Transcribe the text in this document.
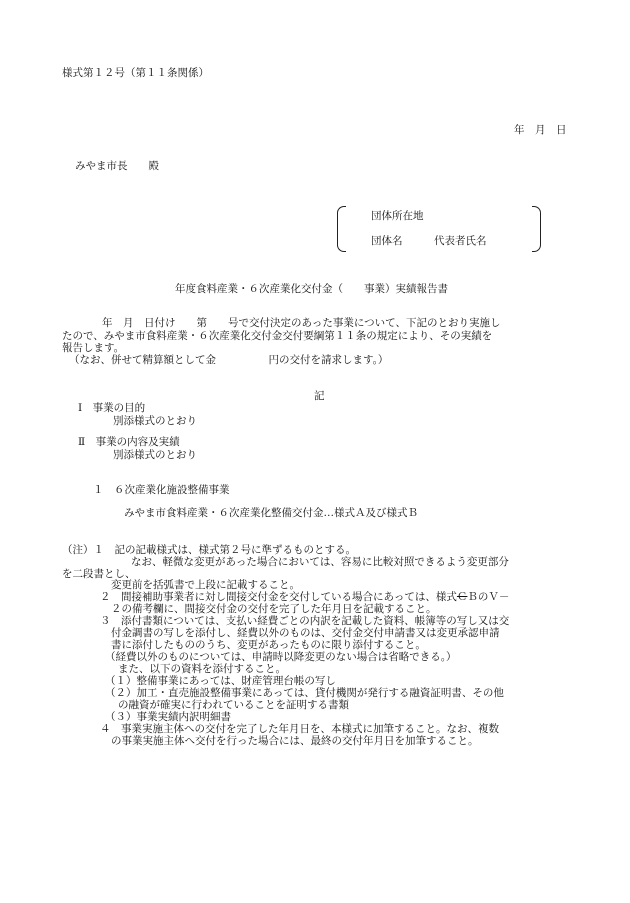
様式第１２号（第１１条関係）
年　月　日
みやま市長　　殿
団体所在地
団体名　　　代表者氏名
年度食料産業・６次産業化交付金（　　事業）実績報告書
年　月　日付け　　第　　号で交付決定のあった事業について、下記のとおり実施し
たので、みやま市食料産業・６次産業化交付金交付要綱第１１条の規定により、その実績を
報告します。
（なお、併せて精算額として金　　　　　円の交付を請求します。）
記
Ⅰ　事業の目的
別添様式のとおり
Ⅱ　事業の内容及実績
別添様式のとおり
１　６次産業化施設整備事業
みやま市食料産業・６次産業化整備交付金…様式Ａ及び様式Ｂ
（注）１　記の記載様式は、様式第２号に準ずるものとする。
なお、軽微な変更があった場合においては、容易に比較対照できるよう変更部分
を二段書とし、
変更前を括弧書で上段に記載すること。
２　間接補助事業者に対し間接交付金を交付している場合にあっては、様式ＣＢのＶ－
２の備考欄に、間接交付金の交付を完了した年月日を記載すること。
３　添付書類については、支払い経費ごとの内訳を記載した資料、帳簿等の写し又は交
付金調書の写しを添付し、経費以外のものは、交付金交付申請書又は変更承認申請
書に添付したもののうち、変更があったものに限り添付すること。
（経費以外のものについては、申請時以降変更のない場合は省略できる。）
また、以下の資料を添付すること。
（１）整備事業にあっては、財産管理台帳の写し
（２）加工・直売施設整備事業にあっては、貸付機関が発行する融資証明書、その他
の融資が確実に行われていることを証明する書類
（３）事業実績内訳明細書
４　事業実施主体への交付を完了した年月日を、本様式に加筆すること。なお、複数
の事業実施主体へ交付を行った場合には、最終の交付年月日を加筆すること。
